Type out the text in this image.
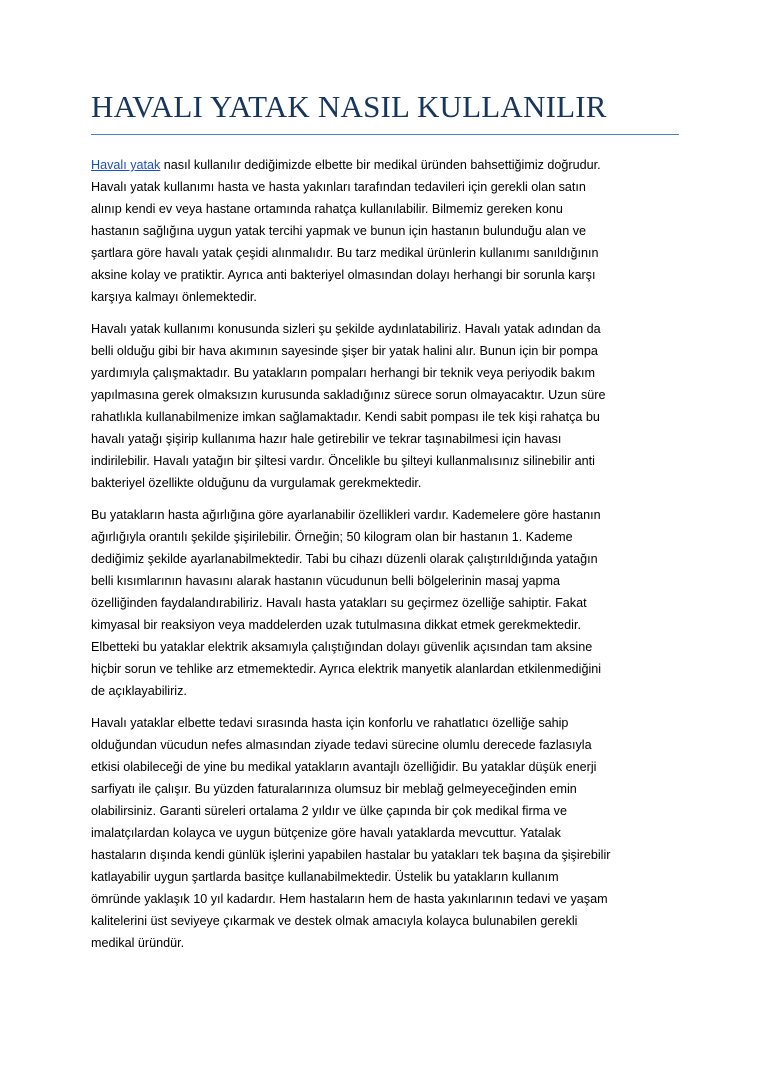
HAVALI YATAK NASIL KULLANILIR

Havalı yatak nasıl kullanılır dediğimizde elbette bir medikal üründen bahsettiğimiz doğrudur.
Havalı yatak kullanımı hasta ve hasta yakınları tarafından tedavileri için gerekli olan satın
alınıp kendi ev veya hastane ortamında rahatça kullanılabilir. Bilmemiz gereken konu
hastanın sağlığına uygun yatak tercihi yapmak ve bunun için hastanın bulunduğu alan ve
şartlara göre havalı yatak çeşidi alınmalıdır. Bu tarz medikal ürünlerin kullanımı sanıldığının
aksine kolay ve pratiktir. Ayrıca anti bakteriyel olmasından dolayı herhangi bir sorunla karşı
karşıya kalmayı önlemektedir.

Havalı yatak kullanımı konusunda sizleri şu şekilde aydınlatabiliriz. Havalı yatak adından da
belli olduğu gibi bir hava akımının sayesinde şişer bir yatak halini alır. Bunun için bir pompa
yardımıyla çalışmaktadır. Bu yatakların pompaları herhangi bir teknik veya periyodik bakım
yapılmasına gerek olmaksızın kurusunda sakladığınız sürece sorun olmayacaktır. Uzun süre
rahatlıkla kullanabilmenize imkan sağlamaktadır. Kendi sabit pompası ile tek kişi rahatça bu
havalı yatağı şişirip kullanıma hazır hale getirebilir ve tekrar taşınabilmesi için havası
indirilebilir. Havalı yatağın bir şiltesi vardır. Öncelikle bu şilteyi kullanmalısınız silinebilir anti
bakteriyel özellikte olduğunu da vurgulamak gerekmektedir.

Bu yatakların hasta ağırlığına göre ayarlanabilir özellikleri vardır. Kademelere göre hastanın
ağırlığıyla orantılı şekilde şişirilebilir. Örneğin; 50 kilogram olan bir hastanın 1. Kademe
dediğimiz şekilde ayarlanabilmektedir. Tabi bu cihazı düzenli olarak çalıştırıldığında yatağın
belli kısımlarının havasını alarak hastanın vücudunun belli bölgelerinin masaj yapma
özelliğinden faydalandırabiliriz. Havalı hasta yatakları su geçirmez özelliğe sahiptir. Fakat
kimyasal bir reaksiyon veya maddelerden uzak tutulmasına dikkat etmek gerekmektedir.
Elbetteki bu yataklar elektrik aksamıyla çalıştığından dolayı güvenlik açısından tam aksine
hiçbir sorun ve tehlike arz etmemektedir. Ayrıca elektrik manyetik alanlardan etkilenmediğini
de açıklayabiliriz.

Havalı yataklar elbette tedavi sırasında hasta için konforlu ve rahatlatıcı özelliğe sahip
olduğundan vücudun nefes almasından ziyade tedavi sürecine olumlu derecede fazlasıyla
etkisi olabileceği de yine bu medikal yatakların avantajlı özelliğidir. Bu yataklar düşük enerji
sarfiyatı ile çalışır. Bu yüzden faturalarınıza olumsuz bir meblağ gelmeyeceğinden emin
olabilirsiniz. Garanti süreleri ortalama 2 yıldır ve ülke çapında bir çok medikal firma ve
imalatçılardan kolayca ve uygun bütçenize göre havalı yataklarda mevcuttur. Yatalak
hastaların dışında kendi günlük işlerini yapabilen hastalar bu yatakları tek başına da şişirebilir
katlayabilir uygun şartlarda basitçe kullanabilmektedir. Üstelik bu yatakların kullanım
ömründe yaklaşık 10 yıl kadardır. Hem hastaların hem de hasta yakınlarının tedavi ve yaşam
kalitelerini üst seviyeye çıkarmak ve destek olmak amacıyla kolayca bulunabilen gerekli
medikal üründür.
